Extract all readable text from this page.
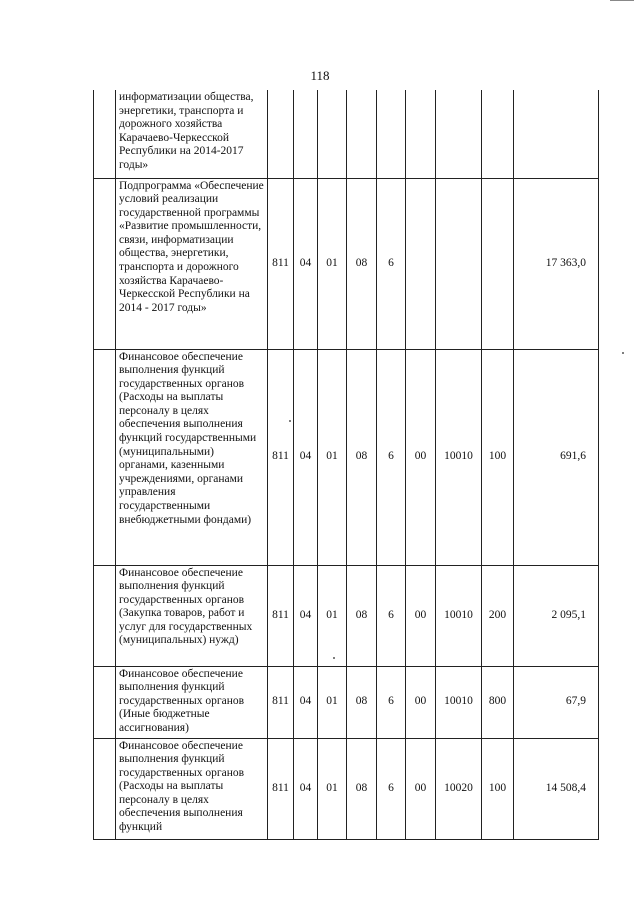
118
	информатизации общества, энергетики, транспорта и дорожного хозяйства Карачаево-Черкесской Республики на 2014-2017 годы»									
	Подпрограмма «Обеспечение условий реализации государственной программы «Развитие промышленности, связи, информатизации общества, энергетики, транспорта и дорожного хозяйства Карачаево-Черкесской Республики на 2014 - 2017 годы»	811	04	01	08	6				17 363,0
	Финансовое обеспечение выполнения функций государственных органов (Расходы на выплаты персоналу в целях обеспечения выполнения функций государственными (муниципальными) органами, казенными учреждениями, органами управления государственными внебюджетными фондами)	811	04	01	08	6	00	10010	100	691,6
	Финансовое обеспечение выполнения функций государственных органов (Закупка товаров, работ и услуг для государственных (муниципальных) нужд)	811	04	01	08	6	00	10010	200	2 095,1
	Финансовое обеспечение выполнения функций государственных органов (Иные бюджетные ассигнования)	811	04	01	08	6	00	10010	800	67,9
	Финансовое обеспечение выполнения функций государственных органов (Расходы на выплаты персоналу в целях обеспечения выполнения функций	811	04	01	08	6	00	10020	100	14 508,4
